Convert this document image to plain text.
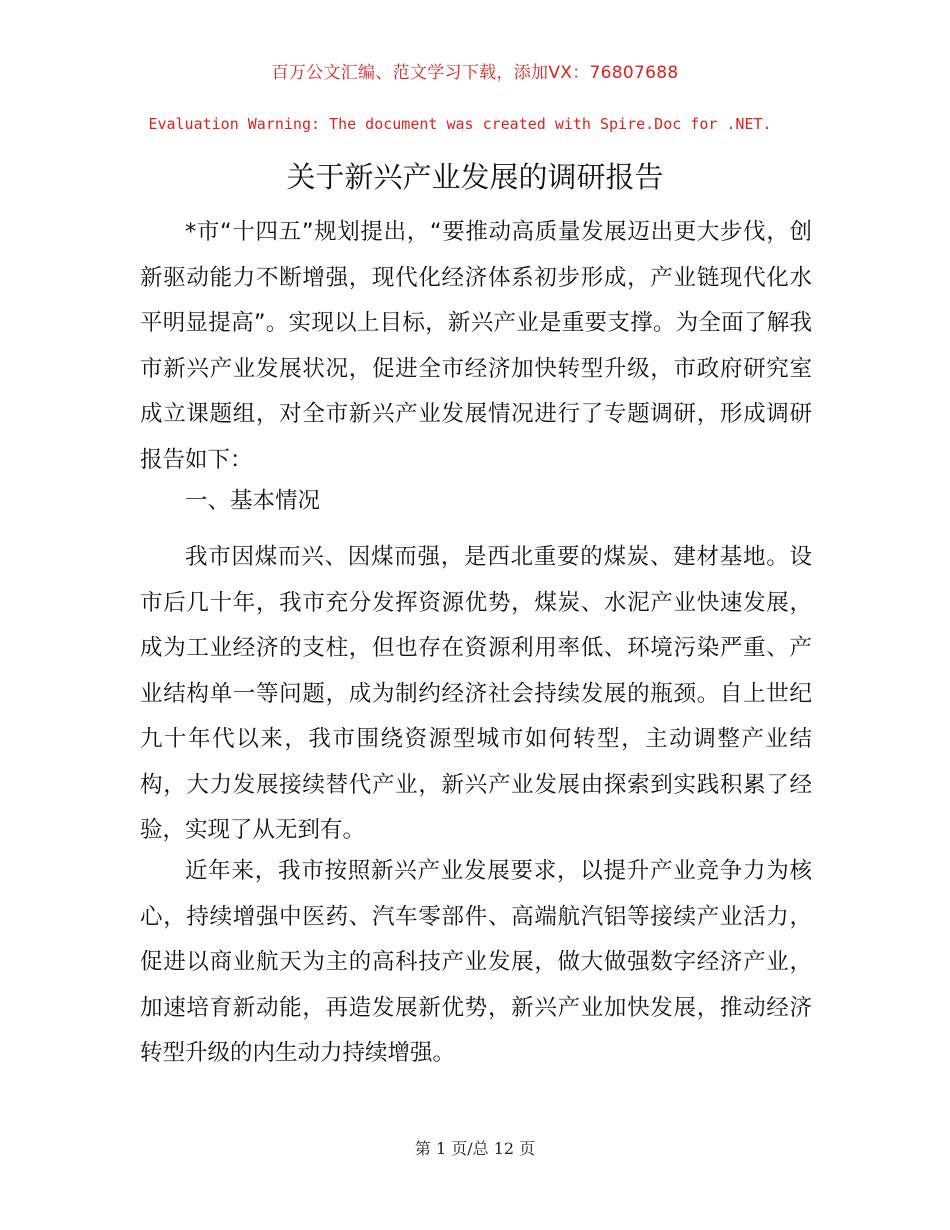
百万公文汇编、范文学习下载，添加VX：76807688
Evaluation Warning: The document was created with Spire.Doc for .NET.
关于新兴产业发展的调研报告

*市“十四五”规划提出，“要推动高质量发展迈出更大步伐，创新驱动能力不断增强，现代化经济体系初步形成，产业链现代化水平明显提高”。实现以上目标，新兴产业是重要支撑。为全面了解我市新兴产业发展状况，促进全市经济加快转型升级，市政府研究室成立课题组，对全市新兴产业发展情况进行了专题调研，形成调研报告如下：

一、基本情况

我市因煤而兴、因煤而强，是西北重要的煤炭、建材基地。设市后几十年，我市充分发挥资源优势，煤炭、水泥产业快速发展，成为工业经济的支柱，但也存在资源利用率低、环境污染严重、产业结构单一等问题，成为制约经济社会持续发展的瓶颈。自上世纪九十年代以来，我市围绕资源型城市如何转型，主动调整产业结构，大力发展接续替代产业，新兴产业发展由探索到实践积累了经验，实现了从无到有。

近年来，我市按照新兴产业发展要求，以提升产业竞争力为核心，持续增强中医药、汽车零部件、高端航汽铝等接续产业活力，促进以商业航天为主的高科技产业发展，做大做强数字经济产业，加速培育新动能，再造发展新优势，新兴产业加快发展，推动经济转型升级的内生动力持续增强。

第 1 页/总 12 页
